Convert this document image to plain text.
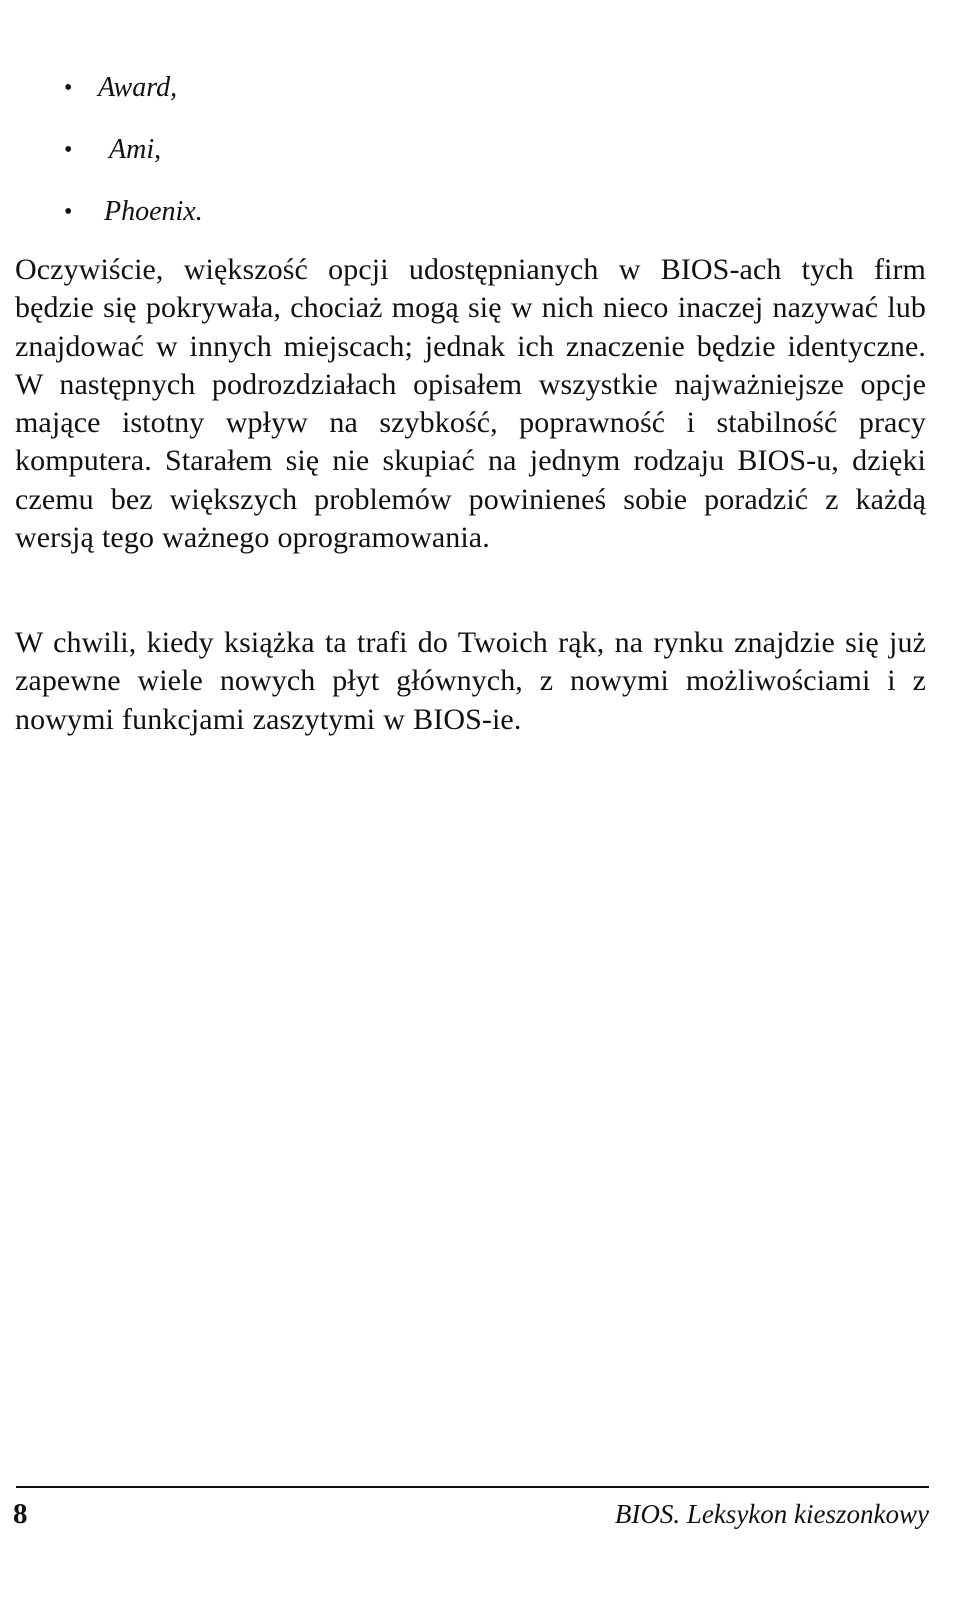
• Award,
• Ami,
• Phoenix.

Oczywiście, większość opcji udostępnianych w BIOS-ach tych firm będzie się pokrywała, chociaż mogą się w nich nieco inaczej nazywać lub znajdować w innych miejscach; jednak ich znaczenie będzie identyczne. W następnych podrozdziałach opisałem wszystkie najważniejsze opcje mające istotny wpływ na szybkość, poprawność i stabilność pracy komputera. Starałem się nie skupiać na jednym rodzaju BIOS-u, dzięki czemu bez większych problemów powinieneś sobie poradzić z każdą wersją tego ważnego oprogramowania.

W chwili, kiedy książka ta trafi do Twoich rąk, na rynku znajdzie się już zapewne wiele nowych płyt głównych, z nowymi możliwościami i z nowymi funkcjami zaszytymi w BIOS-ie.

8	BIOS. Leksykon kieszonkowy
